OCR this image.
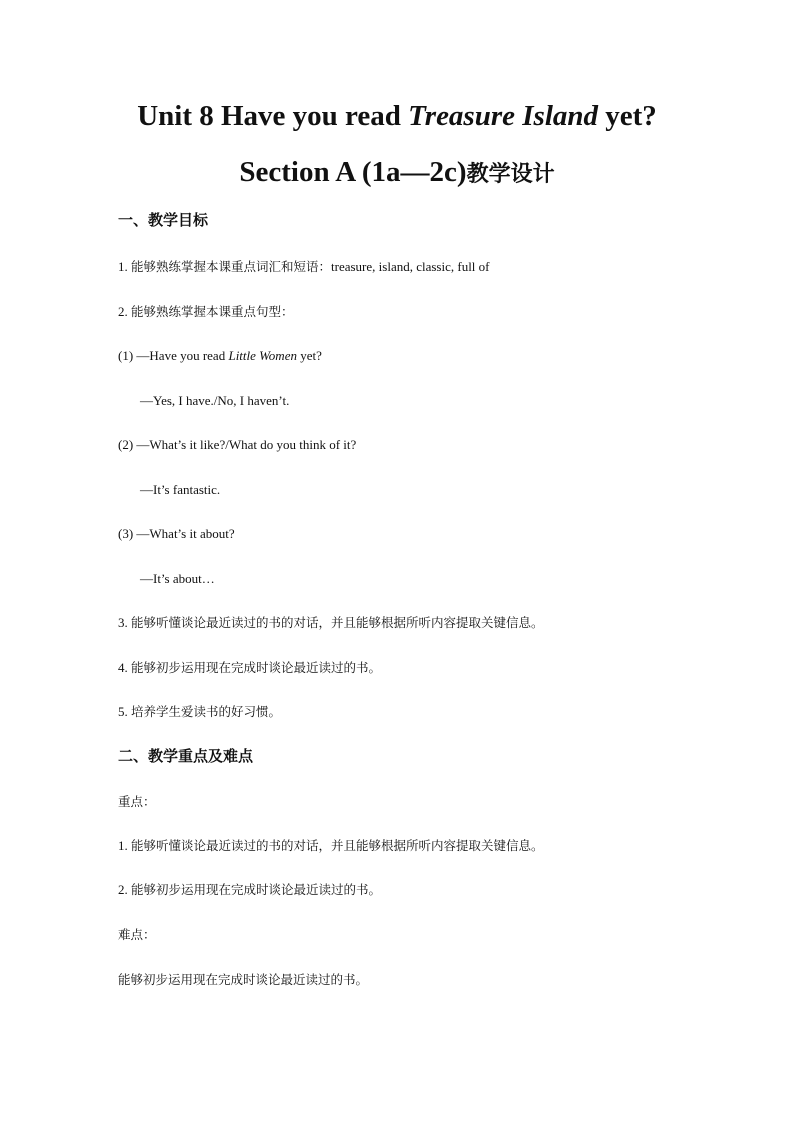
Unit 8 Have you read Treasure Island yet?
Section A (1a—2c)教学设计
一、教学目标
1. 能够熟练掌握本课重点词汇和短语：treasure, island, classic, full of
2. 能够熟练掌握本课重点句型：
(1) —Have you read Little Women yet?
—Yes, I have./No, I haven’t.
(2) —What’s it like?/What do you think of it?
—It’s fantastic.
(3) —What’s it about?
—It’s about…
3. 能够听懂谈论最近读过的书的对话，并且能够根据所听内容提取关键信息。
4. 能够初步运用现在完成时谈论最近读过的书。
5. 培养学生爱读书的好习惯。
二、教学重点及难点
重点：
1. 能够听懂谈论最近读过的书的对话，并且能够根据所听内容提取关键信息。
2. 能够初步运用现在完成时谈论最近读过的书。
难点：
能够初步运用现在完成时谈论最近读过的书。
